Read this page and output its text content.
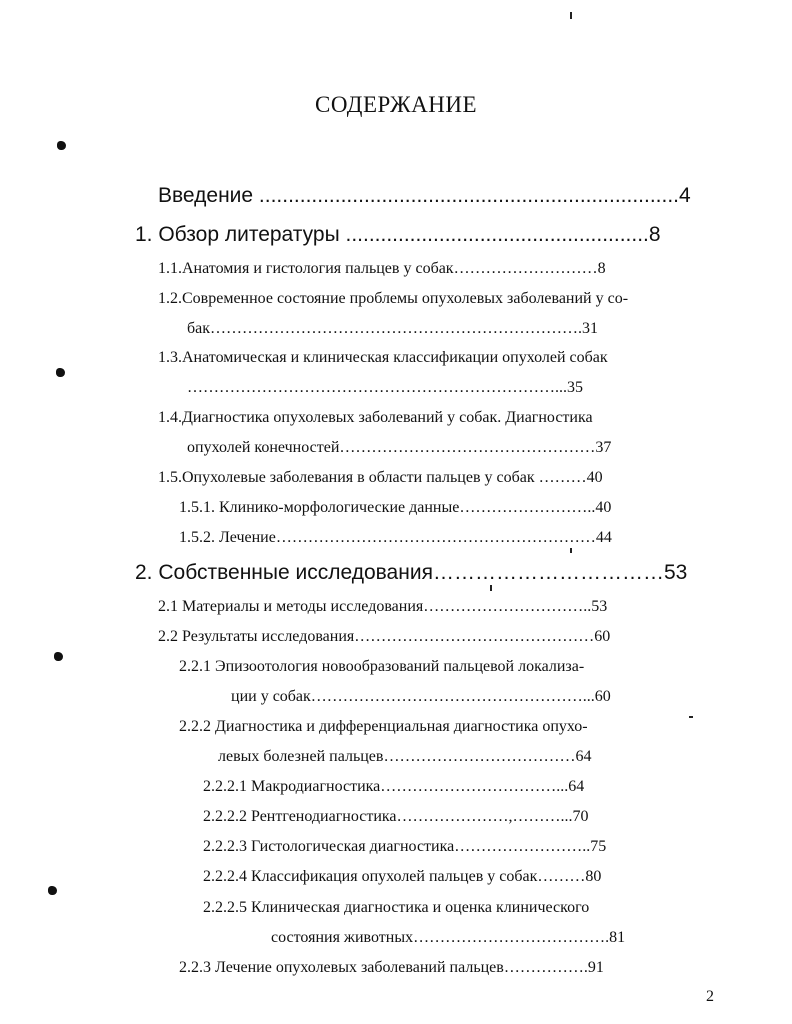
СОДЕРЖАНИЕ
Введение ........................................................................4
1. Обзор литературы ....................................................8
1.1.Анатомия и гистология пальцев у собак………………………8
1.2.Современное состояние проблемы опухолевых заболеваний у со-
бак…………………………………………………………….31
1.3.Анатомическая и клиническая классификации опухолей собак
……………………………………………………………...35
1.4.Диагностика опухолевых заболеваний у собак. Диагностика
опухолей конечностей…………………………………………37
1.5.Опухолевые заболевания в области пальцев у собак ………40
1.5.1. Клинико-морфологические данные……………………..40
1.5.2. Лечение……………………………………………………44
2. Собственные исследования……………………………53
2.1 Материалы и методы исследования…………………………..53
2.2 Результаты исследования………………………………………60
2.2.1 Эпизоотология новообразований пальцевой локализа-
ции у собак……………………………………………...60
2.2.2 Диагностика и дифференциальная диагностика опухо-
левых болезней пальцев………………………………64
2.2.2.1 Макродиагностика……………………………...64
2.2.2.2 Рентгенодиагностика…………………,………...70
2.2.2.3 Гистологическая диагностика……………………..75
2.2.2.4 Классификация опухолей пальцев у собак………80
2.2.2.5 Клиническая диагностика и оценка клинического
состояния животных……………………………….81
2.2.3 Лечение опухолевых заболеваний пальцев…………….91
2
